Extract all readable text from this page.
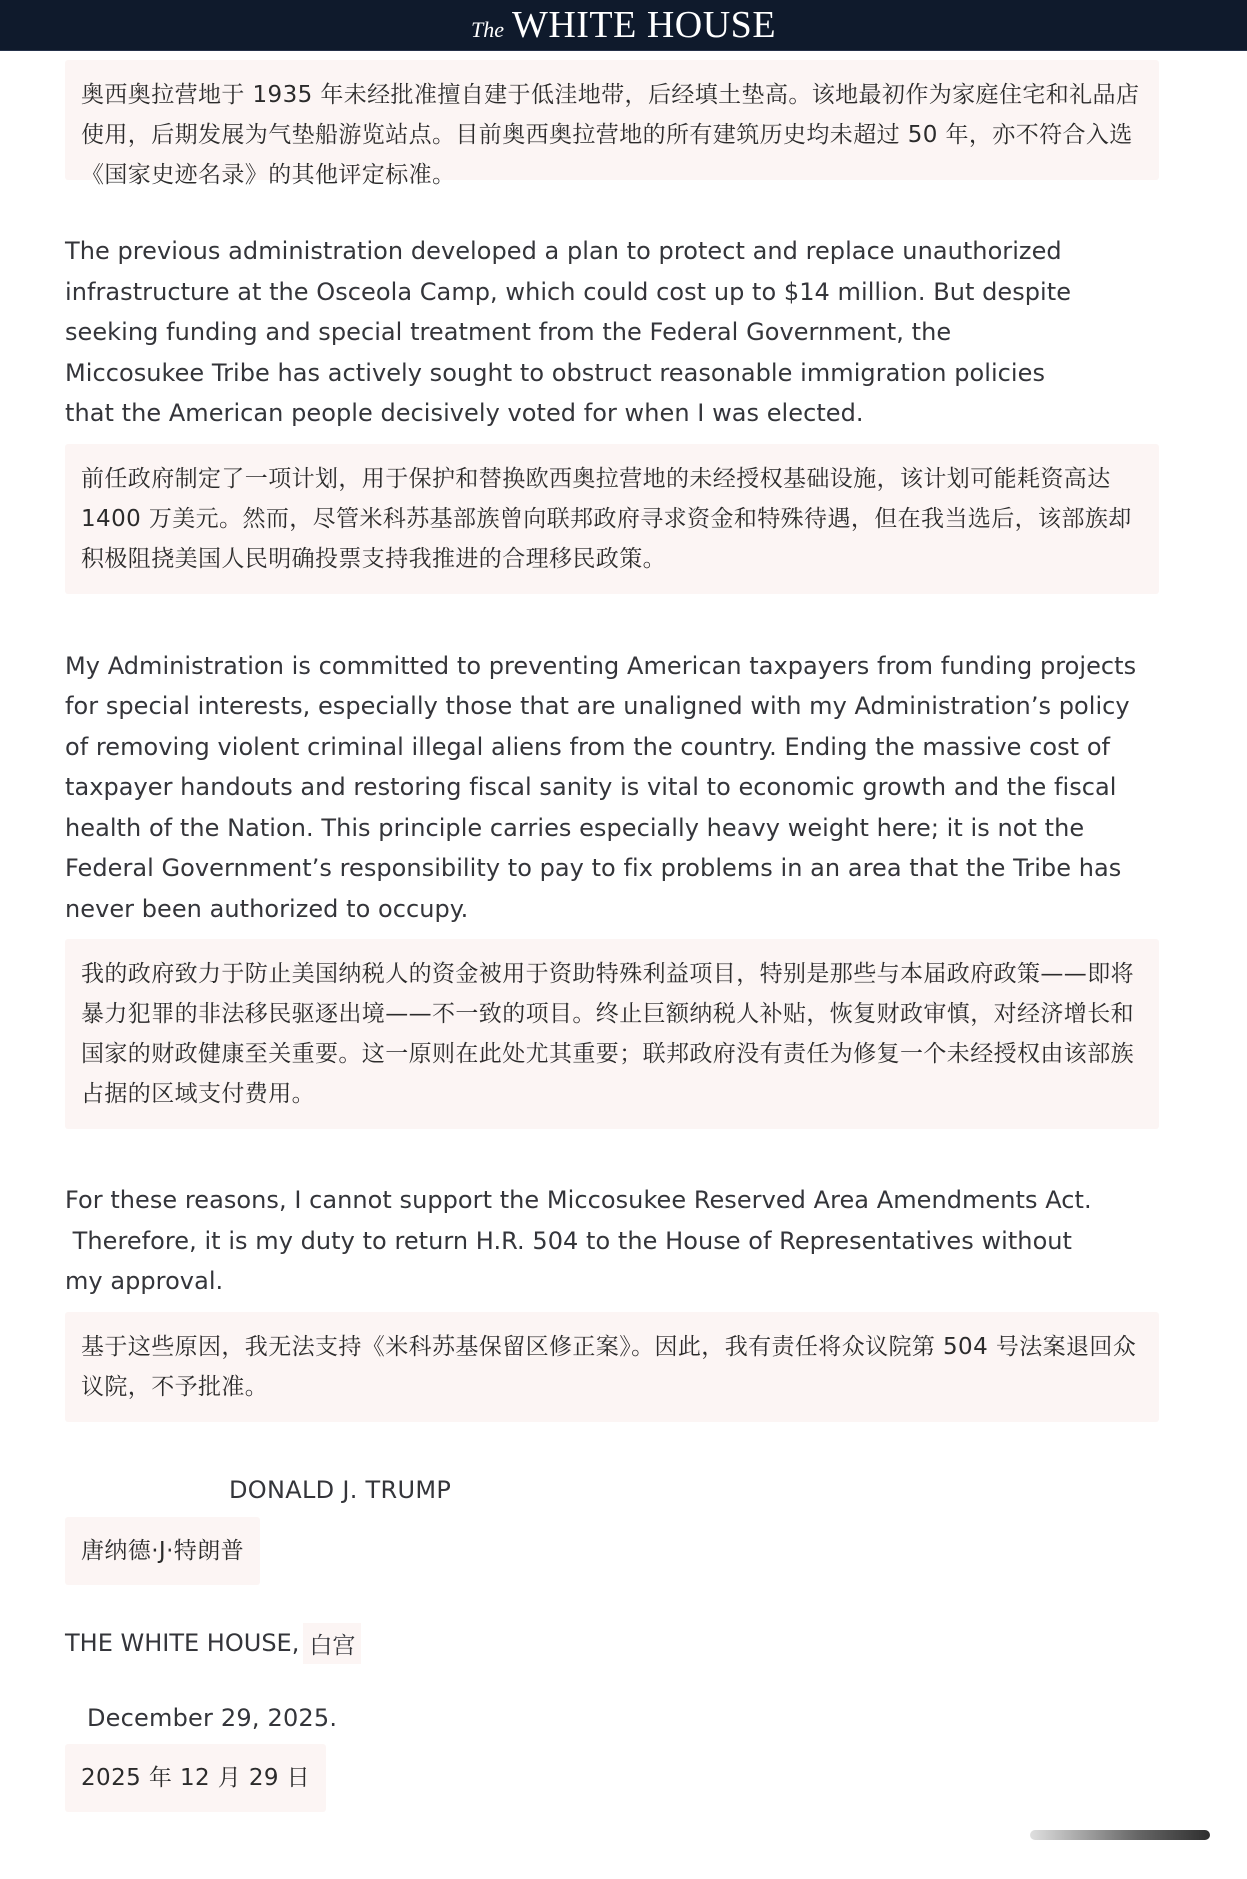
The WHITE HOUSE
奥西奥拉营地于 1935 年未经批准擅自建于低洼地带，后经填土垫高。该地最初作为家庭住宅和礼品店使用，后期发展为气垫船游览站点。目前奥西奥拉营地的所有建筑历史均未超过 50 年，亦不符合入选《国家史迹名录》的其他评定标准。

The previous administration developed a plan to protect and replace unauthorized infrastructure at the Osceola Camp, which could cost up to $14 million. But despite seeking funding and special treatment from the Federal Government, the Miccosukee Tribe has actively sought to obstruct reasonable immigration policies that the American people decisively voted for when I was elected.

前任政府制定了一项计划，用于保护和替换欧西奥拉营地的未经授权基础设施，该计划可能耗资高达 1400 万美元。然而，尽管米科苏基部族曾向联邦政府寻求资金和特殊待遇，但在我当选后，该部族却积极阻挠美国人民明确投票支持我推进的合理移民政策。

My Administration is committed to preventing American taxpayers from funding projects for special interests, especially those that are unaligned with my Administration’s policy of removing violent criminal illegal aliens from the country. Ending the massive cost of taxpayer handouts and restoring fiscal sanity is vital to economic growth and the fiscal health of the Nation. This principle carries especially heavy weight here; it is not the Federal Government’s responsibility to pay to fix problems in an area that the Tribe has never been authorized to occupy.

我的政府致力于防止美国纳税人的资金被用于资助特殊利益项目，特别是那些与本届政府政策——即将暴力犯罪的非法移民驱逐出境——不一致的项目。终止巨额纳税人补贴，恢复财政审慎，对经济增长和国家的财政健康至关重要。这一原则在此处尤其重要；联邦政府没有责任为修复一个未经授权由该部族占据的区域支付费用。
For these reasons, I cannot support the Miccosukee Reserved Area Amendments Act.
Therefore, it is my duty to return H.R. 504 to the House of Representatives without
my approval.
基于这些原因，我无法支持《米科苏基保留区修正案》。因此，我有责任将众议院第 504 号法案退回众议院，不予批准。
DONALD J. TRUMP
唐纳德·J·特朗普
THE WHITE HOUSE, 白宫
December 29, 2025.
2025 年 12 月 29 日
